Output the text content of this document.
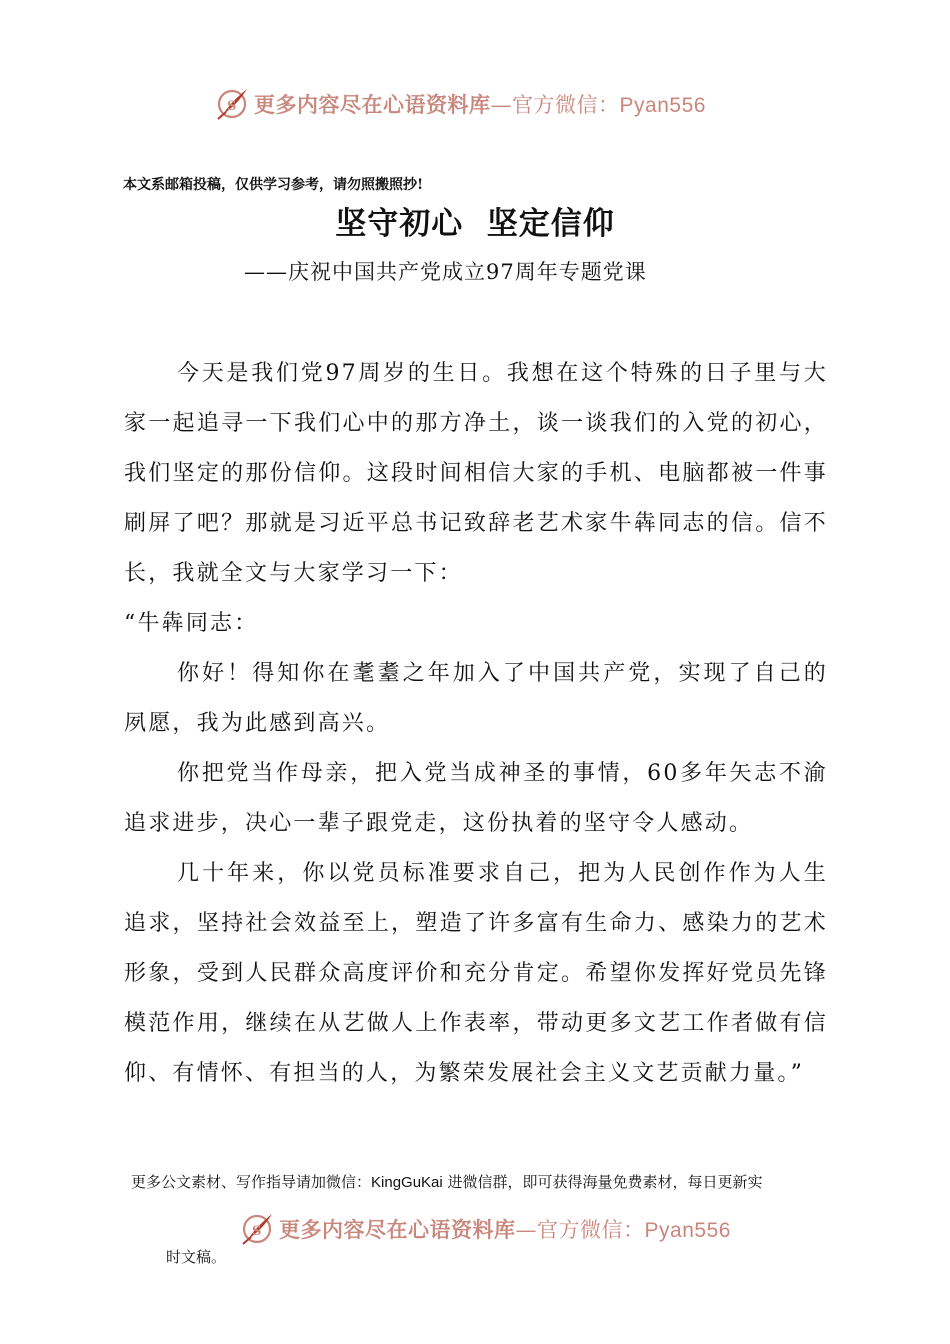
S 更多内容尽在心语资料库—官方微信：Pyan556
本文系邮箱投稿，仅供学习参考，请勿照搬照抄!
坚守初心  坚定信仰
——庆祝中国共产党成立97周年专题党课

今天是我们党97周岁的生日。我想在这个特殊的日子里与大家一起追寻一下我们心中的那方净土，谈一谈我们的入党的初心，我们坚定的那份信仰。这段时间相信大家的手机、电脑都被一件事刷屏了吧？那就是习近平总书记致辞老艺术家牛犇同志的信。信不长，我就全文与大家学习一下：

“牛犇同志：

你好！得知你在耄耋之年加入了中国共产党，实现了自己的夙愿，我为此感到高兴。

你把党当作母亲，把入党当成神圣的事情，60多年矢志不渝追求进步，决心一辈子跟党走，这份执着的坚守令人感动。

几十年来，你以党员标准要求自己，把为人民创作作为人生追求，坚持社会效益至上，塑造了许多富有生命力、感染力的艺术形象，受到人民群众高度评价和充分肯定。希望你发挥好党员先锋模范作用，继续在从艺做人上作表率，带动更多文艺工作者做有信仰、有情怀、有担当的人，为繁荣发展社会主义文艺贡献力量。”

更多公文素材、写作指导请加微信：KingGuKai 进微信群，即可获得海量免费素材，每日更新实
S 更多内容尽在心语资料库—官方微信：Pyan556
时文稿。
